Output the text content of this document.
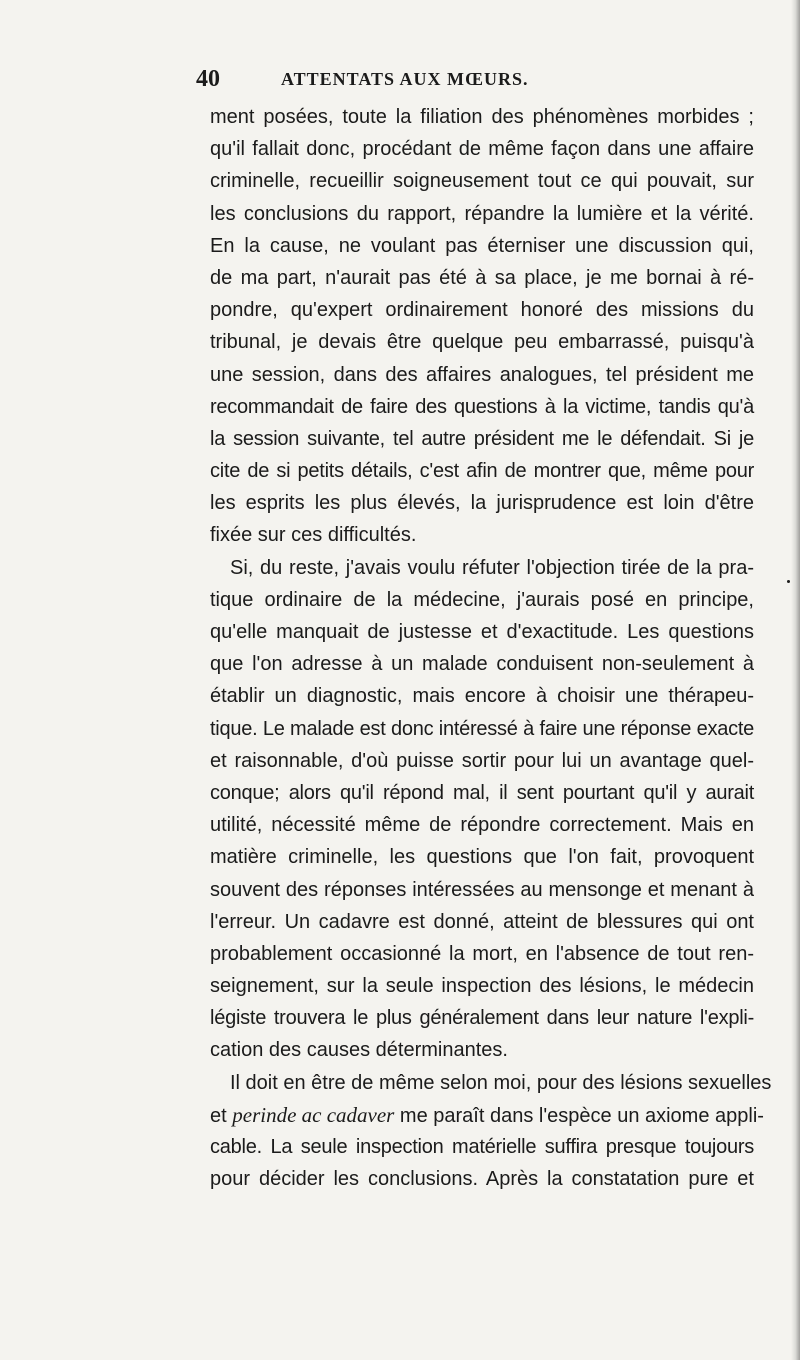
40	ATTENTATS AUX MŒURS.
ment posées, toute la filiation des phénomènes morbides ;
qu'il fallait donc, procédant de même façon dans une affaire
criminelle, recueillir soigneusement tout ce qui pouvait, sur
les conclusions du rapport, répandre la lumière et la vérité.
En la cause, ne voulant pas éterniser une discussion qui,
de ma part, n'aurait pas été à sa place, je me bornai à ré-
pondre, qu'expert ordinairement honoré des missions du
tribunal, je devais être quelque peu embarrassé, puisqu'à
une session, dans des affaires analogues, tel président me
recommandait de faire des questions à la victime, tandis qu'à
la session suivante, tel autre président me le défendait. Si je
cite de si petits détails, c'est afin de montrer que, même pour
les esprits les plus élevés, la jurisprudence est loin d'être
fixée sur ces difficultés.
Si, du reste, j'avais voulu réfuter l'objection tirée de la pra-
tique ordinaire de la médecine, j'aurais posé en principe,
qu'elle manquait de justesse et d'exactitude. Les questions
que l'on adresse à un malade conduisent non-seulement à
établir un diagnostic, mais encore à choisir une thérapeu-
tique. Le malade est donc intéressé à faire une réponse exacte
et raisonnable, d'où puisse sortir pour lui un avantage quel-
conque; alors qu'il répond mal, il sent pourtant qu'il y aurait
utilité, nécessité même de répondre correctement. Mais en
matière criminelle, les questions que l'on fait, provoquent
souvent des réponses intéressées au mensonge et menant à
l'erreur. Un cadavre est donné, atteint de blessures qui ont
probablement occasionné la mort, en l'absence de tout ren-
seignement, sur la seule inspection des lésions, le médecin
légiste trouvera le plus généralement dans leur nature l'expli-
cation des causes déterminantes.
Il doit en être de même selon moi, pour des lésions sexuelles
et perinde ac cadaver me paraît dans l'espèce un axiome appli-
cable. La seule inspection matérielle suffira presque toujours
pour décider les conclusions. Après la constatation pure et
